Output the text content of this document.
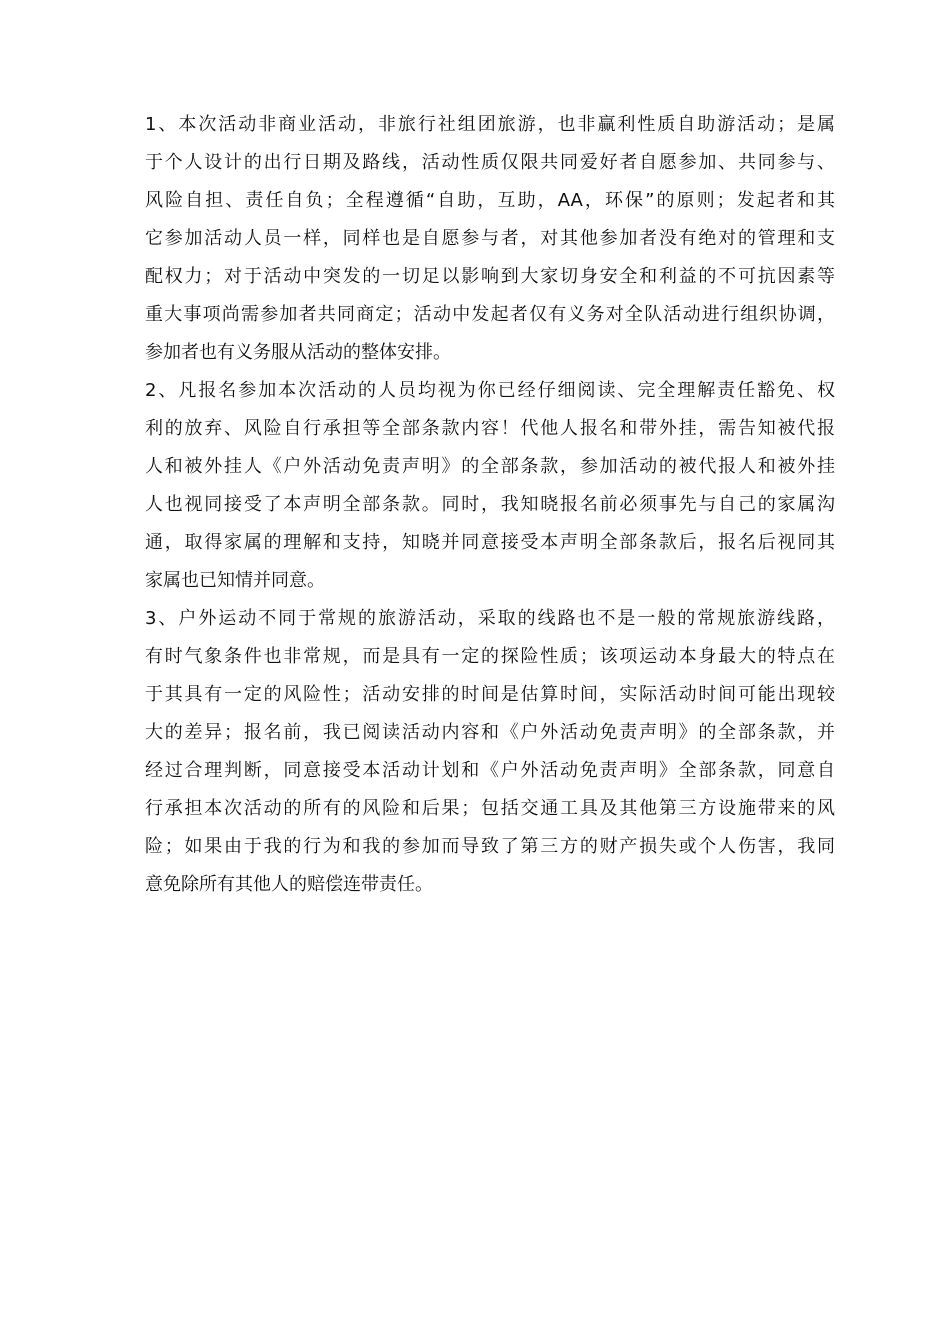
1、本次活动非商业活动，非旅行社组团旅游，也非赢利性质自助游活动；是属
于个人设计的出行日期及路线，活动性质仅限共同爱好者自愿参加、共同参与、
风险自担、责任自负；全程遵循“自助，互助，AA，环保”的原则；发起者和其
它参加活动人员一样，同样也是自愿参与者，对其他参加者没有绝对的管理和支
配权力；对于活动中突发的一切足以影响到大家切身安全和利益的不可抗因素等
重大事项尚需参加者共同商定；活动中发起者仅有义务对全队活动进行组织协调，
参加者也有义务服从活动的整体安排。
2、凡报名参加本次活动的人员均视为你已经仔细阅读、完全理解责任豁免、权
利的放弃、风险自行承担等全部条款内容！代他人报名和带外挂，需告知被代报
人和被外挂人《户外活动免责声明》的全部条款，参加活动的被代报人和被外挂
人也视同接受了本声明全部条款。同时，我知晓报名前必须事先与自己的家属沟
通，取得家属的理解和支持，知晓并同意接受本声明全部条款后，报名后视同其
家属也已知情并同意。
3、户外运动不同于常规的旅游活动，采取的线路也不是一般的常规旅游线路，
有时气象条件也非常规，而是具有一定的探险性质；该项运动本身最大的特点在
于其具有一定的风险性；活动安排的时间是估算时间，实际活动时间可能出现较
大的差异；报名前，我已阅读活动内容和《户外活动免责声明》的全部条款，并
经过合理判断，同意接受本活动计划和《户外活动免责声明》全部条款，同意自
行承担本次活动的所有的风险和后果；包括交通工具及其他第三方设施带来的风
险；如果由于我的行为和我的参加而导致了第三方的财产损失或个人伤害，我同
意免除所有其他人的赔偿连带责任。
